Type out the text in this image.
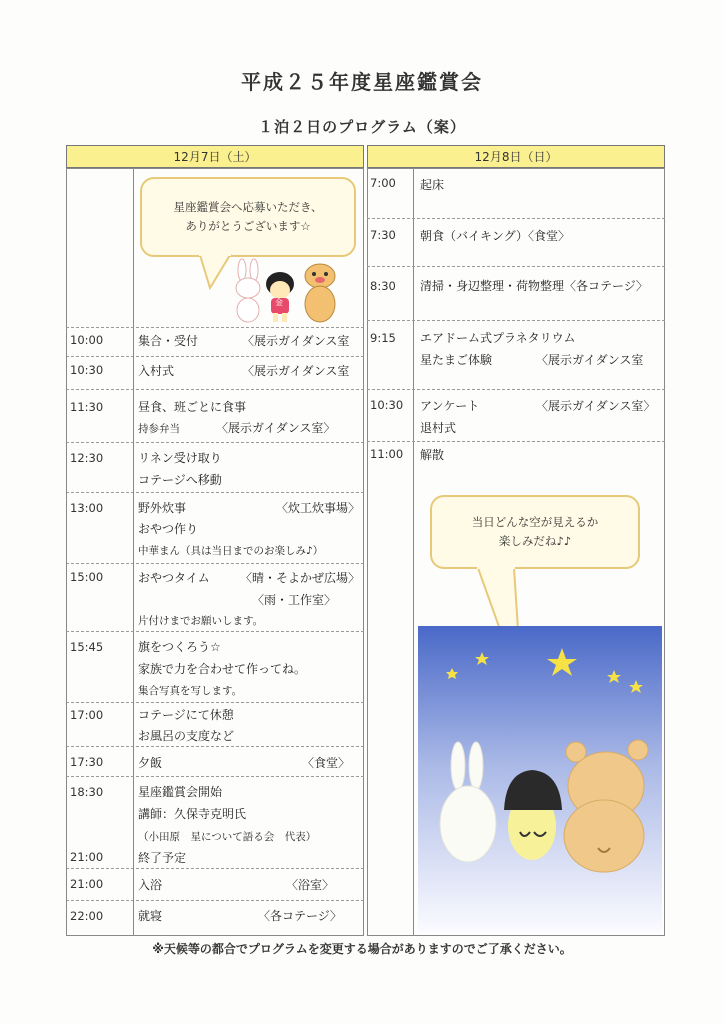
平成２５年度星座鑑賞会
１泊２日のプログラム（案）
12月7日（土）	12月8日（日）
星座鑑賞会へ応募いただき、
ありがとうございます☆
金
10:00	集合・受付	〈展示ガイダンス室
10:30	入村式	〈展示ガイダンス室
11:30	昼食、班ごとに食事
持参弁当	〈展示ガイダンス室〉
12:30	リネン受け取り
コテージへ移動
13:00	野外炊事	〈炊工炊事場〉
おやつ作り
中華まん（具は当日までのお楽しみ♪）
15:00	おやつタイム	〈晴・そよかぜ広場〉
〈雨・工作室〉
片付けまでお願いします。
15:45	旗をつくろう☆
家族で力を合わせて作ってね。
集合写真を写します。
17:00	コテージにて休憩
お風呂の支度など
17:30	夕飯	〈食堂〉
18:30	星座鑑賞会開始
講師：久保寺克明氏
（小田原　星について語る会　代表）
21:00	終了予定
21:00	入浴	〈浴室〉
22:00	就寝	〈各コテージ〉
7:00 起床
7:30 朝食（バイキング）〈食堂〉
8:30 清掃・身辺整理・荷物整理〈各コテージ〉
9:15 エアドーム式プラネタリウム
星たまご体験	〈展示ガイダンス室
10:30 アンケート	〈展示ガイダンス室〉
退村式
11:00 解散
当日どんな空が見えるか
楽しみだね♪♪
※天候等の都合でプログラムを変更する場合がありますのでご了承ください。
